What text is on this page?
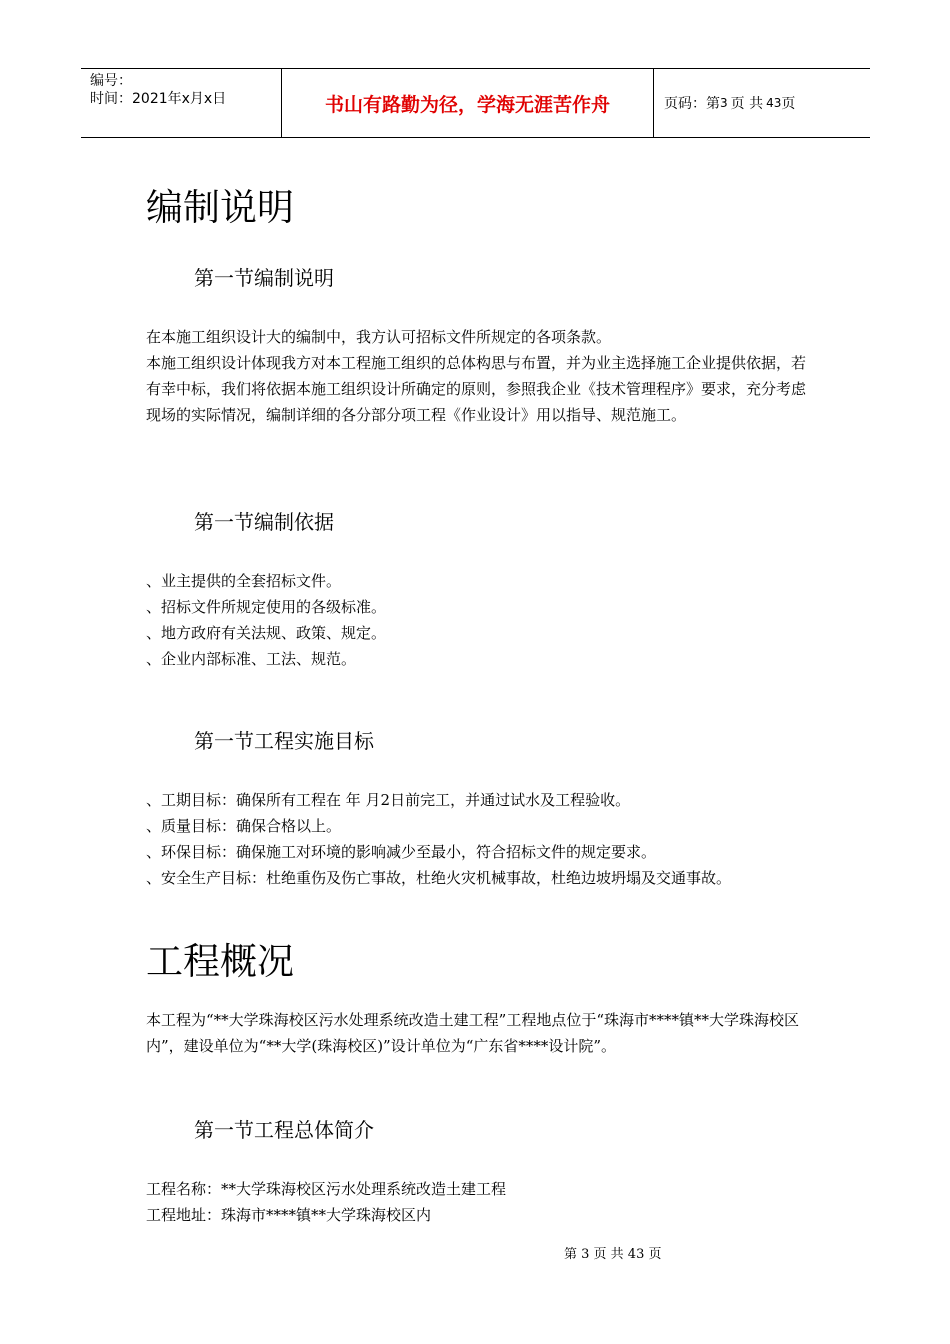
编号：
时间：2021年x月x日	书山有路勤为径，学海无涯苦作舟	页码：第 3 页 共 43 页
编制说明
第一节编制说明

在本施工组织设计大的编制中，我方认可招标文件所规定的各项条款。

本施工组织设计体现我方对本工程施工组织的总体构思与布置，并为业主选择施工企业提供依据，若有幸中标，我们将依据本施工组织设计所确定的原则，参照我企业《技术管理程序》要求，充分考虑现场的实际情况，编制详细的各分部分项工程《作业设计》用以指导、规范施工。

第一节编制依据

、业主提供的全套招标文件。

、招标文件所规定使用的各级标准。

、地方政府有关法规、政策、规定。

、企业内部标准、工法、规范。

第一节工程实施目标

、工期目标：确保所有工程在 年 月2日前完工，并通过试水及工程验收。

、质量目标：确保合格以上。

、环保目标：确保施工对环境的影响减少至最小，符合招标文件的规定要求。

、安全生产目标：杜绝重伤及伤亡事故，杜绝火灾机械事故，杜绝边坡坍塌及交通事故。

工程概况

本工程为“**大学珠海校区污水处理系统改造土建工程”工程地点位于“珠海市****镇**大学珠海校区内”，建设单位为“**大学(珠海校区)”设计单位为“广东省****设计院”。

第一节工程总体简介

工程名称：**大学珠海校区污水处理系统改造土建工程

工程地址：珠海市****镇**大学珠海校区内

第 3 页 共 43 页
